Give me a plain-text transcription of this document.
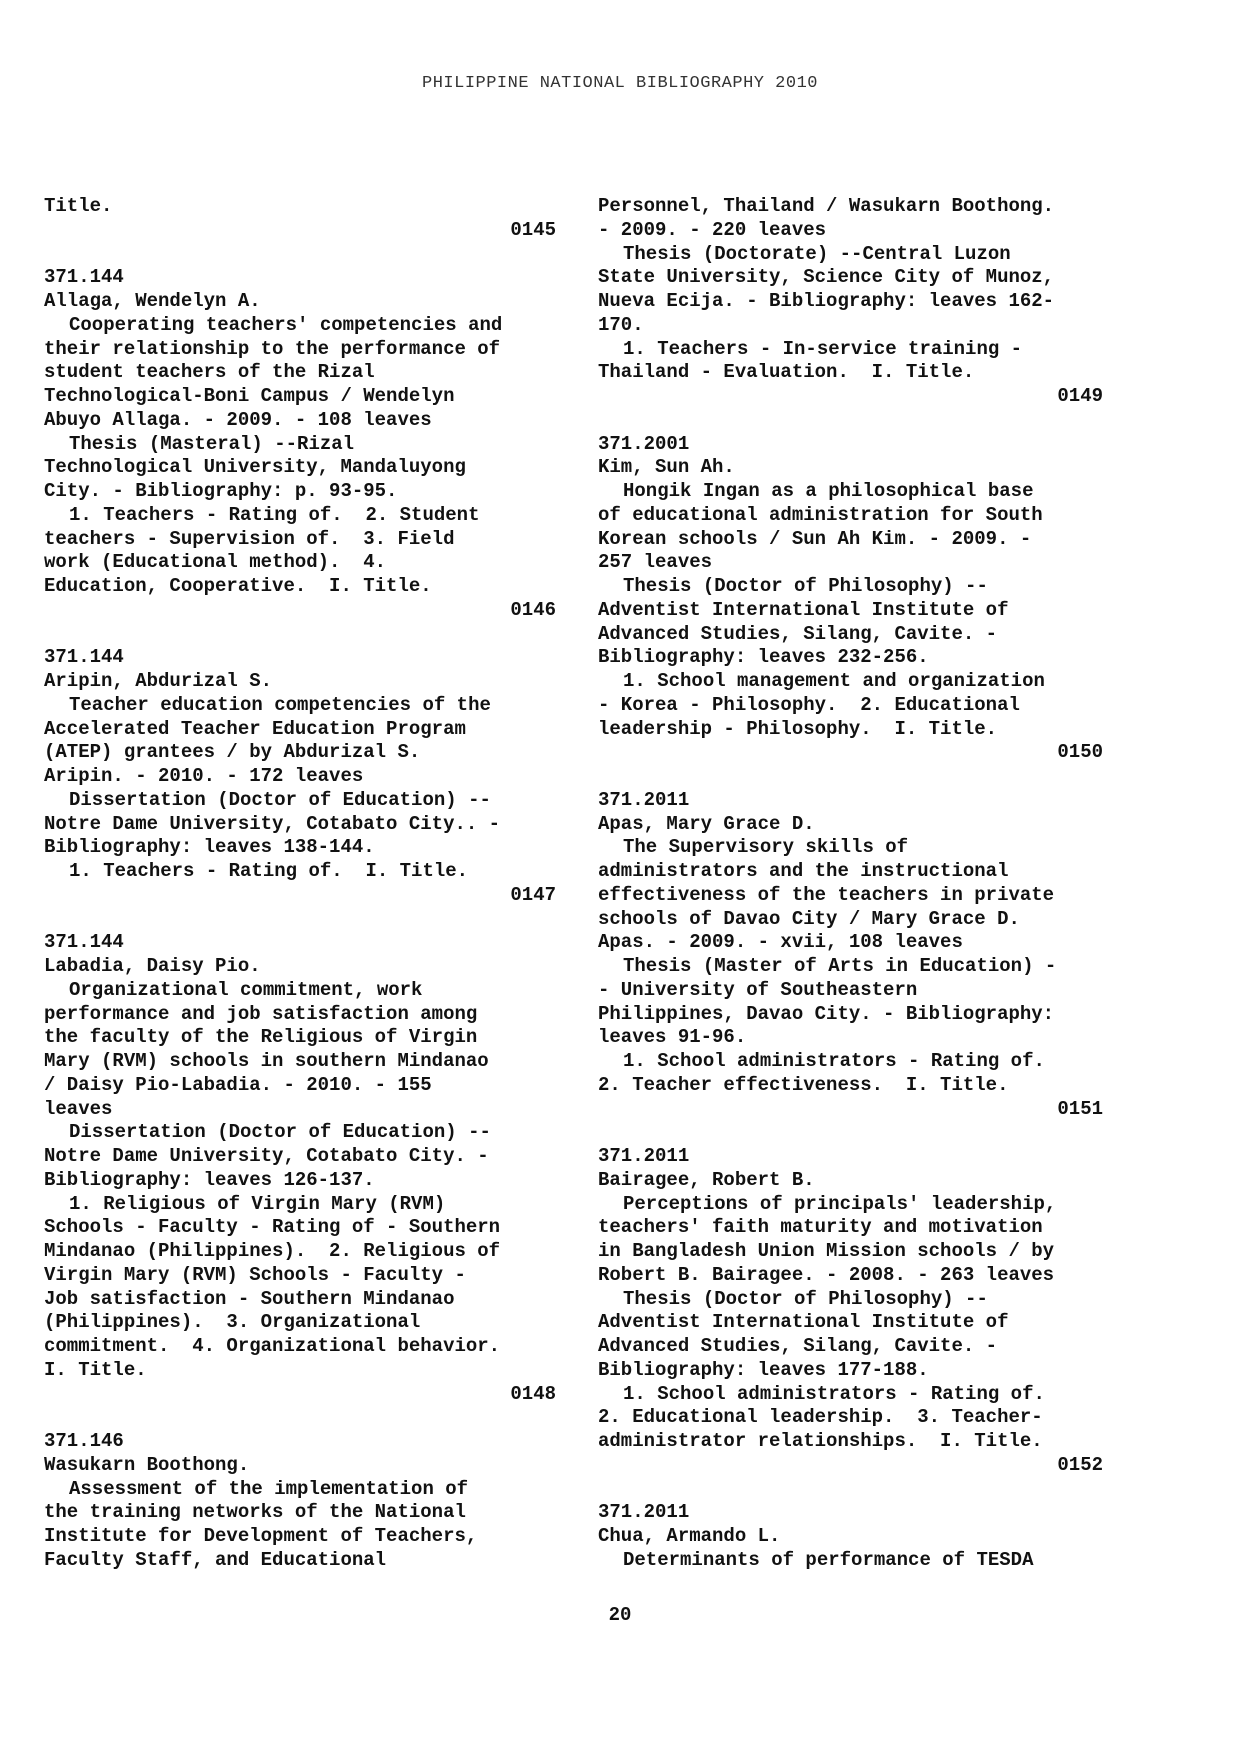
PHILIPPINE NATIONAL BIBLIOGRAPHY 2010
Title.
0145
371.144
Allaga, Wendelyn A.
Cooperating teachers' competencies and
their relationship to the performance of
student teachers of the Rizal
Technological-Boni Campus / Wendelyn
Abuyo Allaga. - 2009. - 108 leaves
Thesis (Masteral) --Rizal
Technological University, Mandaluyong
City. - Bibliography: p. 93-95.
1. Teachers - Rating of.  2. Student
teachers - Supervision of.  3. Field
work (Educational method).  4.
Education, Cooperative.  I. Title.
0146
371.144
Aripin, Abdurizal S.
Teacher education competencies of the
Accelerated Teacher Education Program
(ATEP) grantees / by Abdurizal S.
Aripin. - 2010. - 172 leaves
Dissertation (Doctor of Education) --
Notre Dame University, Cotabato City.. -
Bibliography: leaves 138-144.
1. Teachers - Rating of.  I. Title.
0147
371.144
Labadia, Daisy Pio.
Organizational commitment, work
performance and job satisfaction among
the faculty of the Religious of Virgin
Mary (RVM) schools in southern Mindanao
/ Daisy Pio-Labadia. - 2010. - 155
leaves
Dissertation (Doctor of Education) --
Notre Dame University, Cotabato City. -
Bibliography: leaves 126-137.
1. Religious of Virgin Mary (RVM)
Schools - Faculty - Rating of - Southern
Mindanao (Philippines).  2. Religious of
Virgin Mary (RVM) Schools - Faculty -
Job satisfaction - Southern Mindanao
(Philippines).  3. Organizational
commitment.  4. Organizational behavior.
I. Title.
0148
371.146
Wasukarn Boothong.
Assessment of the implementation of
the training networks of the National
Institute for Development of Teachers,
Faculty Staff, and Educational
Personnel, Thailand / Wasukarn Boothong.
- 2009. - 220 leaves
Thesis (Doctorate) --Central Luzon
State University, Science City of Munoz,
Nueva Ecija. - Bibliography: leaves 162-
170.
1. Teachers - In-service training -
Thailand - Evaluation.  I. Title.
0149
371.2001
Kim, Sun Ah.
Hongik Ingan as a philosophical base
of educational administration for South
Korean schools / Sun Ah Kim. - 2009. -
257 leaves
Thesis (Doctor of Philosophy) --
Adventist International Institute of
Advanced Studies, Silang, Cavite. -
Bibliography: leaves 232-256.
1. School management and organization
- Korea - Philosophy.  2. Educational
leadership - Philosophy.  I. Title.
0150
371.2011
Apas, Mary Grace D.
The Supervisory skills of
administrators and the instructional
effectiveness of the teachers in private
schools of Davao City / Mary Grace D.
Apas. - 2009. - xvii, 108 leaves
Thesis (Master of Arts in Education) -
- University of Southeastern
Philippines, Davao City. - Bibliography:
leaves 91-96.
1. School administrators - Rating of.
2. Teacher effectiveness.  I. Title.
0151
371.2011
Bairagee, Robert B.
Perceptions of principals' leadership,
teachers' faith maturity and motivation
in Bangladesh Union Mission schools / by
Robert B. Bairagee. - 2008. - 263 leaves
Thesis (Doctor of Philosophy) --
Adventist International Institute of
Advanced Studies, Silang, Cavite. -
Bibliography: leaves 177-188.
1. School administrators - Rating of.
2. Educational leadership.  3. Teacher-
administrator relationships.  I. Title.
0152
371.2011
Chua, Armando L.
Determinants of performance of TESDA
20
